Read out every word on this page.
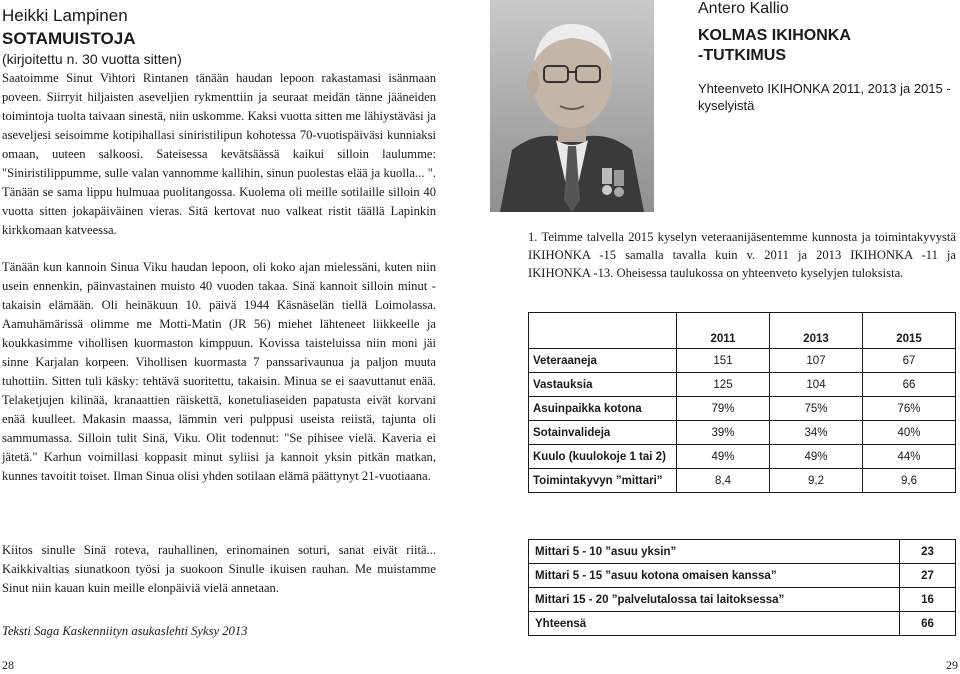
Heikki Lampinen
SOTAMUISTOJA
(kirjoitettu n. 30 vuotta sitten)

Saatoimme Sinut Vihtori Rintanen tänään haudan lepoon rakastamasi isänmaan poveen. Siirryit hiljaisten aseveljien rykmenttiin ja seuraat meidän tänne jääneiden toimintoja tuolta taivaan sinestä, niin uskomme. Kaksi vuotta sitten me lähiystäväsi ja aseveljesi seisoimme kotipihallasi siniristilipun kohotessa 70-vuotispäiväsi kunniaksi omaan, uuteen salkoosi. Sateisessa kevätsäässä kaikui silloin laulumme: "Siniristilippumme, sulle valan vannomme kallihin, sinun puolestas elää ja kuolla... ". Tänään se sama lippu hulmuaa puolitangossa. Kuolema oli meille sotilaille silloin 40 vuotta sitten jokapäiväinen vieras. Sitä kertovat nuo valkeat ristit täällä Lapinkin kirkkomaan katveessa.

Tänään kun kannoin Sinua Viku haudan lepoon, oli koko ajan mielessäni, kuten niin usein ennenkin, päinvastainen muisto 40 vuoden takaa. Sinä kannoit silloin minut - takaisin elämään. Oli heinäkuun 10. päivä 1944 Käsnäselän tiellä Loimolassa. Aamuhämärissä olimme me Motti-Matin (JR 56) miehet lähteneet liikkeelle ja koukkasimme vihollisen kuormaston kimppuun. Kovissa taisteluissa niin moni jäi sinne Karjalan korpeen. Vihollisen kuormasta 7 panssarivaunua ja paljon muuta tuhottiin. Sitten tuli käsky: tehtävä suoritettu, takaisin. Minua se ei saavuttanut enää. Telaketjujen kilinää, kranaattien räiskettä, konetuliaseiden papatusta eivät korvani enää kuulleet. Makasin maassa, lämmin veri pulppusi useista reiistä, tajunta oli sammumassa. Silloin tulit Sinä, Viku. Olit todennut: "Se pihisee vielä. Kaveria ei jätetä." Karhun voimillasi koppasit minut syliisi ja kannoit yksin pitkän matkan, kunnes tavoitit toiset. Ilman Sinua olisi yhden sotilaan elämä päättynyt 21-vuotiaana.

Kiitos sinulle Sinä roteva, rauhallinen, erinomainen soturi, sanat eivät riitä... Kaikkivaltias siunatkoon työsi ja suokoon Sinulle ikuisen rauhan. Me muistamme Sinut niin kauan kuin meille elonpäiviä vielä annetaan.

Teksti Saga Kaskenniityn asukaslehti Syksy 2013
28
Antero Kallio
KOLMAS IKIHONKA
-TUTKIMUS
Yhteenveto IKIHONKA 2011, 2013 ja 2015 -kyselyistä

1. Teimme talvella 2015 kyselyn veteraanijäsentemme kunnosta ja toimintakyvystä IKIHONKA -15 samalla tavalla kuin v. 2011 ja 2013 IKIHONKA -11 ja IKIHONKA -13. Oheisessa taulukossa on yhteenveto kyselyjen tuloksista.

	2011	2013	2015
Veteraaneja	151	107	67
Vastauksia	125	104	66
Asuinpaikka kotona	79%	75%	76%
Sotainvalideja	39%	34%	40%
Kuulo (kuulokoje 1 tai 2)	49%	49%	44%
Toimintakyvyn ”mittari”	8,4	9,2	9,6
Mittari 5 - 10 ”asuu yksin”	23
Mittari 5 - 15 ”asuu kotona omaisen kanssa”	27
Mittari 15 - 20 ”palvelutalossa tai laitoksessa”	16
Yhteensä	66
29
